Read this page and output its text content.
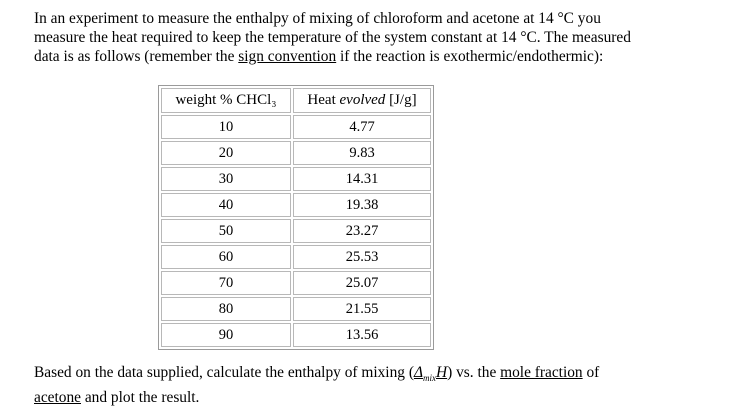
In an experiment to measure the enthalpy of mixing of chloroform and acetone at 14 °C you
measure the heat required to keep the temperature of the system constant at 14 °C. The measured
data is as follows (remember the sign convention if the reaction is exothermic/endothermic):

weight % CHCl₃	Heat evolved [J/g]
10	4.77
20	9.83
30	14.31
40	19.38
50	23.27
60	25.53
70	25.07
80	21.55
90	13.56

Based on the data supplied, calculate the enthalpy of mixing $(\Delta_{mix}H)$ vs. the mole fraction of
acetone and plot the result.
